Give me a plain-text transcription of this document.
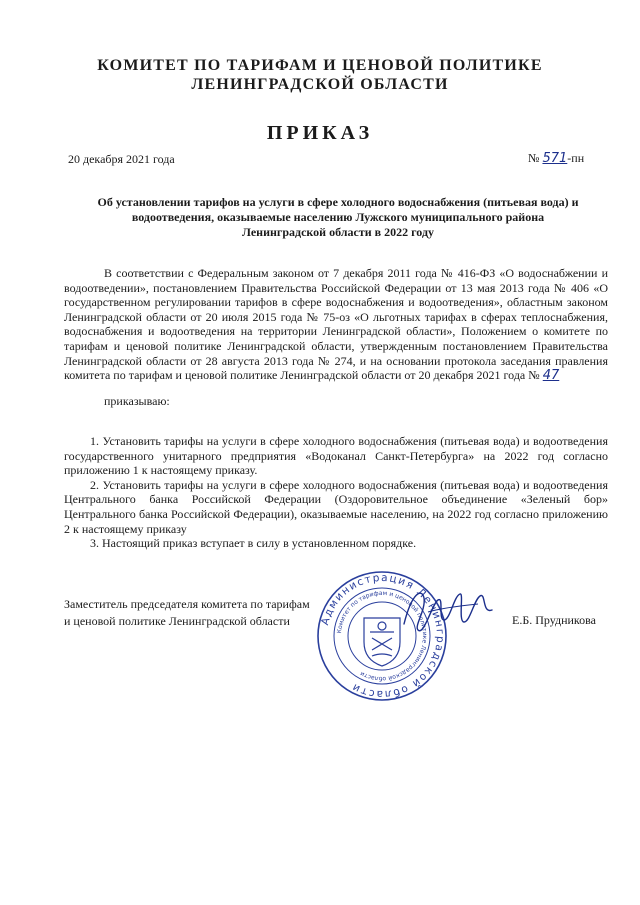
КОМИТЕТ ПО ТАРИФАМ И ЦЕНОВОЙ ПОЛИТИКЕ
ЛЕНИНГРАДСКОЙ ОБЛАСТИ
ПРИКАЗ
20 декабря 2021 года	№ 571-пн
Об установлении тарифов на услуги в сфере холодного водоснабжения (питьевая вода) и
водоотведения, оказываемые населению Лужского муниципального района
Ленинградской области в 2022 году
В соответствии с Федеральным законом от 7 декабря 2011 года № 416-ФЗ «О водоснабжении и водоотведении», постановлением Правительства Российской Федерации от 13 мая 2013 года № 406 «О государственном регулировании тарифов в сфере водоснабжения и водоотведения», областным законом Ленинградской области от 20 июля 2015 года № 75-оз «О льготных тарифах в сферах теплоснабжения, водоснабжения и водоотведения на территории Ленинградской области», Положением о комитете по тарифам и ценовой политике Ленинградской области, утвержденным постановлением Правительства Ленинградской области от 28 августа 2013 года № 274, и на основании протокола заседания правления комитета по тарифам и ценовой политике Ленинградской области от 20 декабря 2021 года № 47
приказываю:

1. Установить тарифы на услуги в сфере холодного водоснабжения (питьевая вода) и водоотведения государственного унитарного предприятия «Водоканал Санкт-Петербурга» на 2022 год согласно приложению 1 к настоящему приказу.

2. Установить тарифы на услуги в сфере холодного водоснабжения (питьевая вода) и водоотведения Центрального банка Российской Федерации (Оздоровительное объединение «Зеленый бор» Центрального банка Российской Федерации), оказываемые населению, на 2022 год согласно приложению 2 к настоящему приказу

3. Настоящий приказ вступает в силу в установленном порядке.

Заместитель председателя комитета по тарифам
и ценовой политике Ленинградской области	Администрация Ленинградской области
Комитет по тарифам и ценовой политике Ленинградской области
Е.Б. Прудникова
